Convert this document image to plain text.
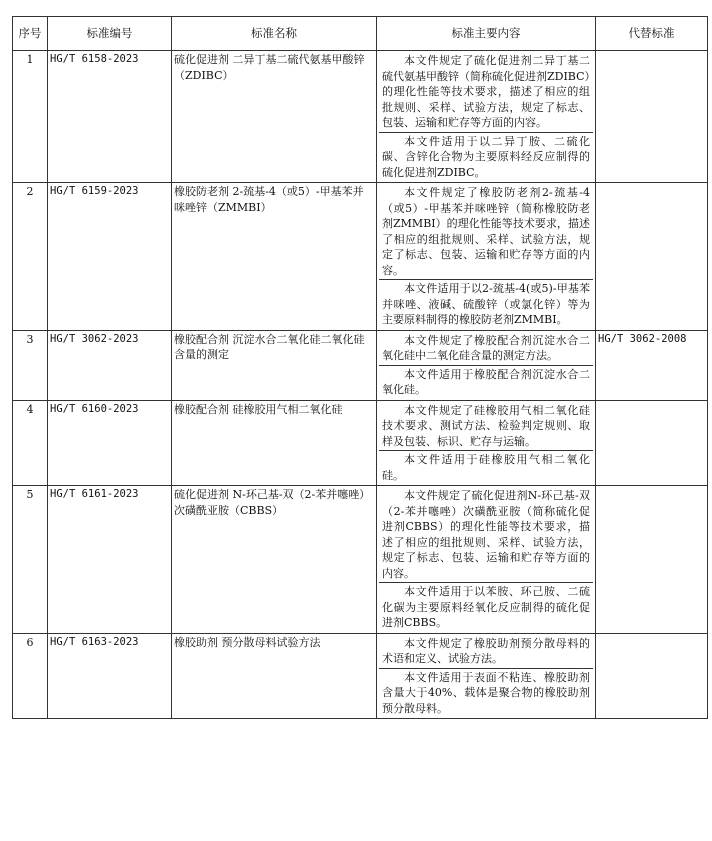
序号	标准编号	标准名称	标准主要内容	代替标准
1	HG/T 6158-2023	硫化促进剂 二异丁基二硫代氨基甲酸锌（ZDIBC）	本文件规定了硫化促进剂二异丁基二硫代氨基甲酸锌（简称硫化促进剂ZDIBC）的理化性能等技术要求，描述了相应的组批规则、采样、试验方法，规定了标志、包装、运输和贮存等方面的内容。
本文件适用于以二异丁胺、二硫化碳、含锌化合物为主要原料经反应制得的硫化促进剂ZDIBC。	

2	HG/T 6159-2023	橡胶防老剂 2-巯基-4（或5）-甲基苯并咪唑锌（ZMMBI）	本文件规定了橡胶防老剂2-巯基-4（或5）-甲基苯并咪唑锌（简称橡胶防老剂ZMMBI）的理化性能等技术要求，描述了相应的组批规则、采样、试验方法，规定了标志、包装、运输和贮存等方面的内容。
本文件适用于以2-巯基-4(或5)-甲基苯并咪唑、液碱、硫酸锌（或氯化锌）等为主要原料制得的橡胶防老剂ZMMBI。	

3	HG/T 3062-2023	橡胶配合剂 沉淀水合二氧化硅二氧化硅含量的测定	本文件规定了橡胶配合剂沉淀水合二氧化硅中二氧化硅含量的测定方法。
本文件适用于橡胶配合剂沉淀水合二氧化硅。	HG/T 3062-2008
4	HG/T 6160-2023	橡胶配合剂 硅橡胶用气相二氧化硅	本文件规定了硅橡胶用气相二氧化硅技术要求、测试方法、检验判定规则、取样及包装、标识、贮存与运输。
本文件适用于硅橡胶用气相二氧化硅。	

5	HG/T 6161-2023	硫化促进剂 N-环己基-双（2-苯并噻唑）次磺酰亚胺（CBBS）	本文件规定了硫化促进剂N-环己基-双（2-苯并噻唑）次磺酰亚胺（简称硫化促进剂CBBS）的理化性能等技术要求，描述了相应的组批规则、采样、试验方法，规定了标志、包装、运输和贮存等方面的内容。
本文件适用于以苯胺、环己胺、二硫化碳为主要原料经氧化反应制得的硫化促进剂CBBS。	

6	HG/T 6163-2023	橡胶助剂 预分散母料试验方法	本文件规定了橡胶助剂预分散母料的术语和定义、试验方法。
本文件适用于表面不粘连、橡胶助剂含量大于40%、载体是聚合物的橡胶助剂预分散母料。	
